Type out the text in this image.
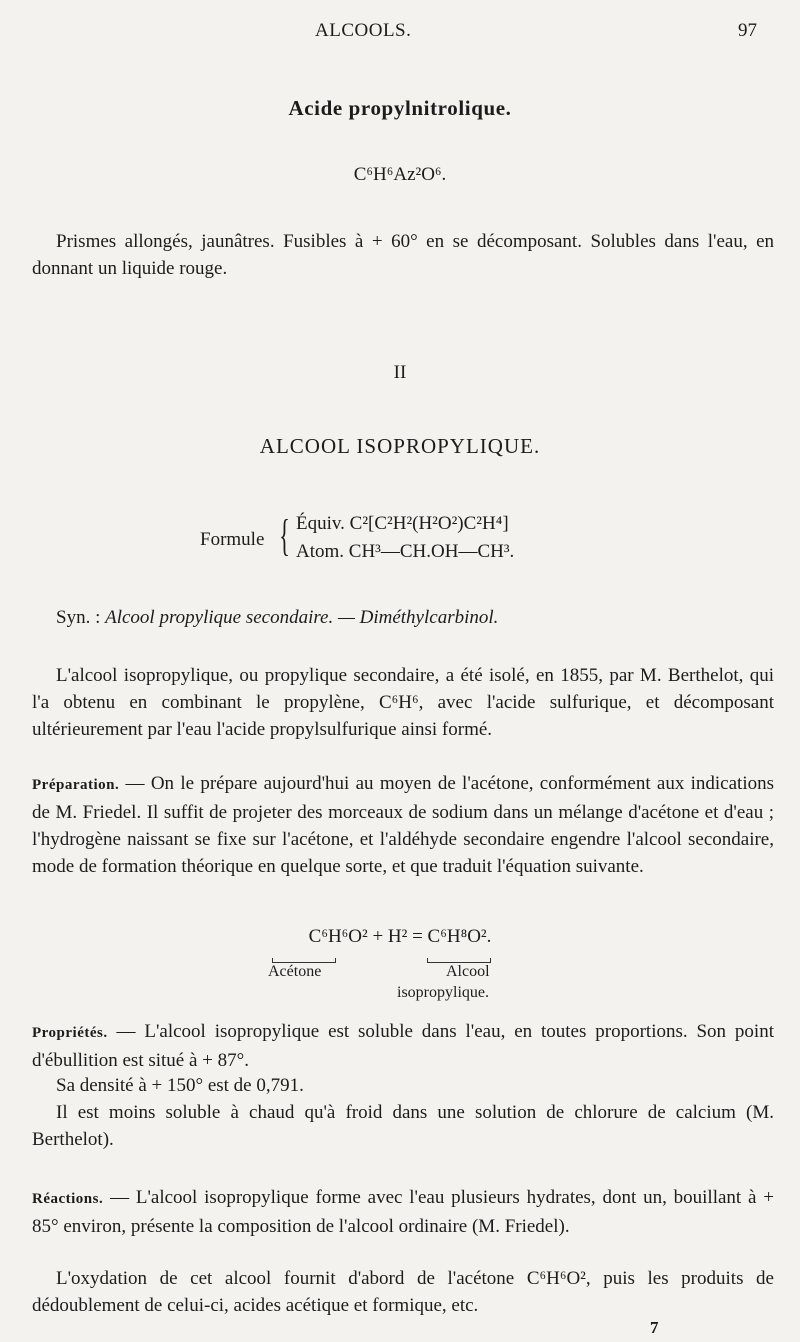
ALCOOLS.	97
Acide propylnitrolique.
C⁶H⁶Az²O⁶.
Prismes allongés, jaunâtres. Fusibles à + 60° en se décomposant. Solubles dans l'eau, en donnant un liquide rouge.
II
ALCOOL ISOPROPYLIQUE.
Formule { Équiv. C²[C²H²(H²O²)C²H⁴]
Atom. CH³—CH.OH—CH³.
Syn. : Alcool propylique secondaire. — Diméthylcarbinol.
L'alcool isopropylique, ou propylique secondaire, a été isolé, en 1855, par M. Berthelot, qui l'a obtenu en combinant le propylène, C⁶H⁶, avec l'acide sulfurique, et décomposant ultérieurement par l'eau l'acide propylsulfurique ainsi formé.
Préparation. — On le prépare aujourd'hui au moyen de l'acétone, conformément aux indications de M. Friedel. Il suffit de projeter des morceaux de sodium dans un mélange d'acétone et d'eau ; l'hydrogène naissant se fixe sur l'acétone, et l'aldéhyde secondaire engendre l'alcool secondaire, mode de formation théorique en quelque sorte, et que traduit l'équation suivante.
C⁶H⁶O² + H² = C⁶H⁸O².
Acétone	Alcool
isopropylique.
Propriétés. — L'alcool isopropylique est soluble dans l'eau, en toutes proportions. Son point d'ébullition est situé à + 87°.
Sa densité à + 150° est de 0,791.
Il est moins soluble à chaud qu'à froid dans une solution de chlorure de calcium (M. Berthelot).
Réactions. — L'alcool isopropylique forme avec l'eau plusieurs hydrates, dont un, bouillant à + 85° environ, présente la composition de l'alcool ordinaire (M. Friedel).
L'oxydation de cet alcool fournit d'abord de l'acétone C⁶H⁶O², puis les produits de dédoublement de celui-ci, acides acétique et formique, etc.
7
